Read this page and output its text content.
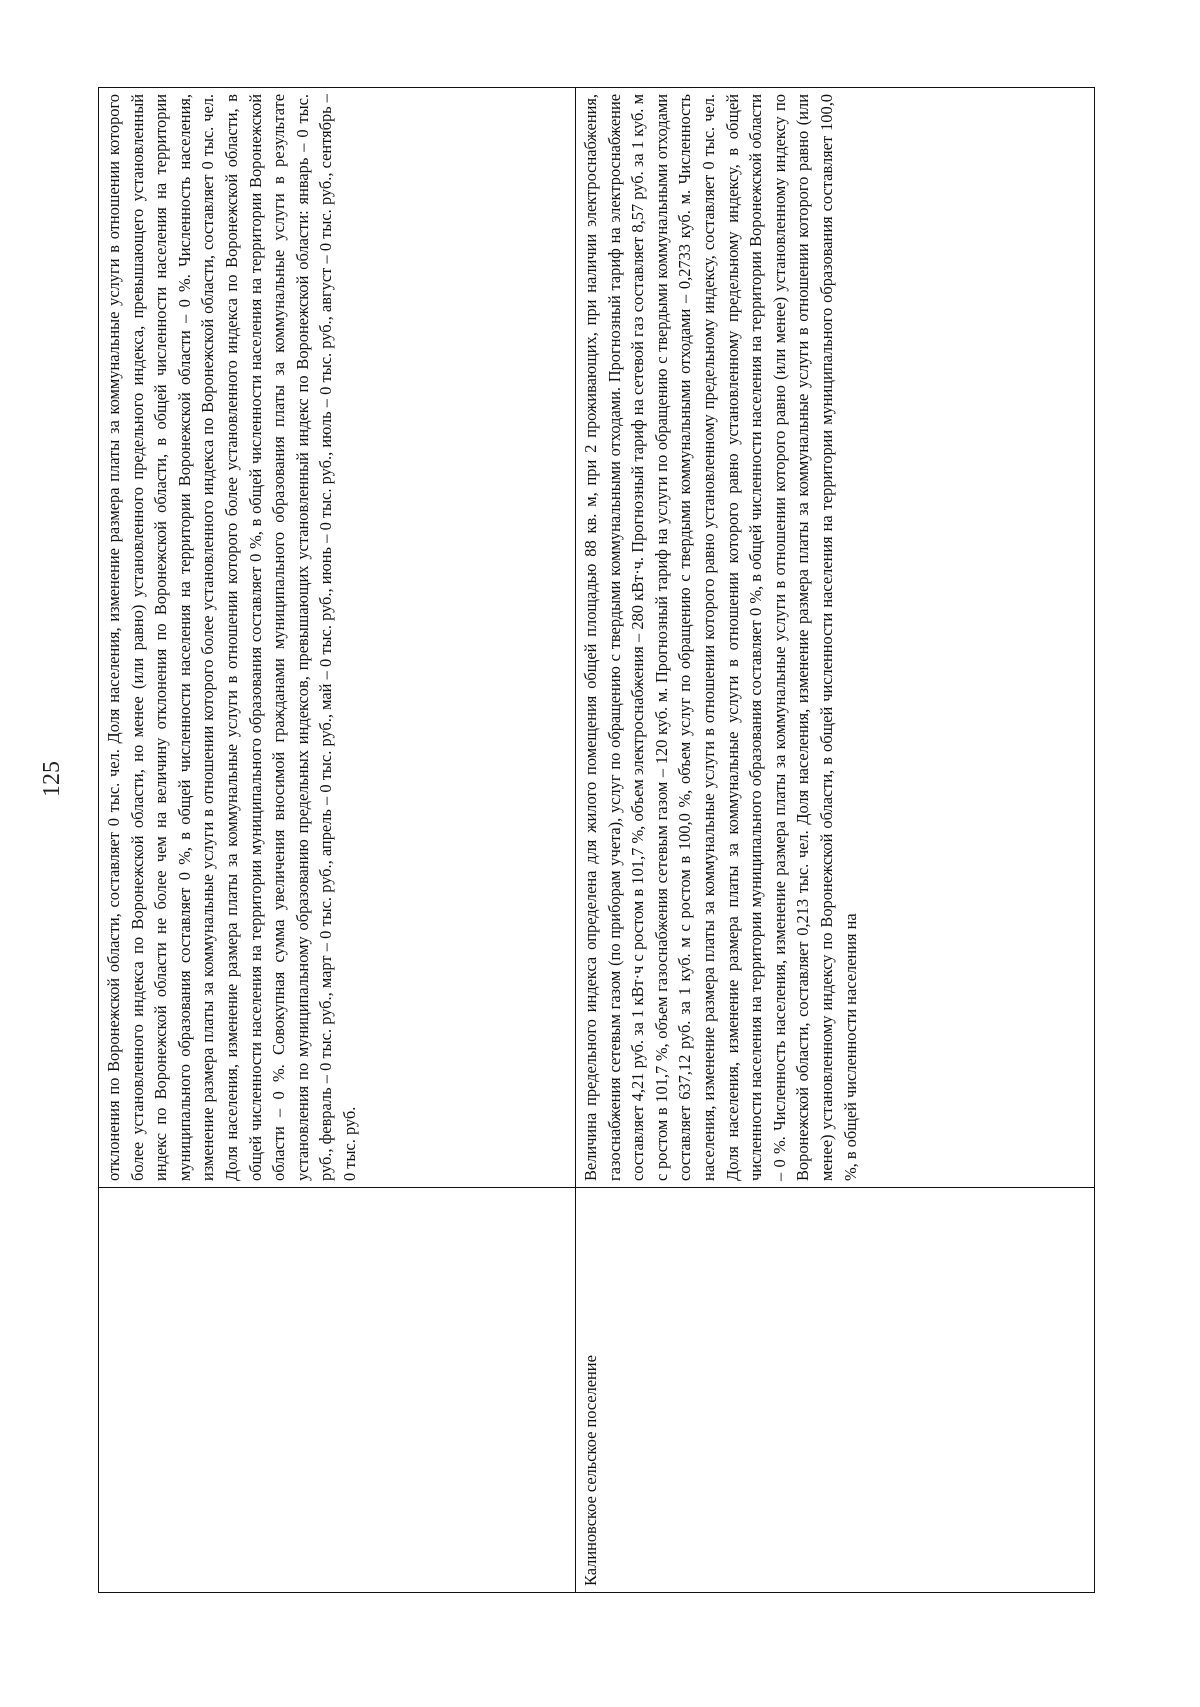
125
	отклонения по Воронежской области, составляет 0 тыс. чел. Доля населения, изменение размера платы за коммунальные услуги в отношении которого более установленного индекса по Воронежской области, но менее (или равно) установленного предельного индекса, превышающего установленный индекс по Воронежской области не более чем на величину отклонения по Воронежской области, в общей численности населения на территории муниципального образования составляет 0 %, в общей численности населения на территории Воронежской области – 0 %. Численность населения, изменение размера платы за коммунальные услуги в отношении которого более установленного индекса по Воронежской области, составляет 0 тыс. чел. Доля населения, изменение размера платы за коммунальные услуги в отношении которого более установленного индекса по Воронежской области, в общей численности населения на территории муниципального образования составляет 0 %, в общей численности населения на территории Воронежской области – 0 %. Совокупная сумма увеличения вносимой гражданами муниципального образования платы за коммунальные услуги в результате установления по муниципальному образованию предельных индексов, превышающих установленный индекс по Воронежской области: январь – 0 тыс. руб., февраль – 0 тыс. руб., март – 0 тыс. руб., апрель – 0 тыс. руб., май – 0 тыс. руб., июнь – 0 тыс. руб., июль – 0 тыс. руб., август – 0 тыс. руб., сентябрь – 0 тыс. руб.
Калиновское сельское поселение	Величина предельного индекса определена для жилого помещения общей площадью 88 кв. м, при 2 проживающих, при наличии электроснабжения, газоснабжения сетевым газом (по приборам учета), услуг по обращению с твердыми коммунальными отходами. Прогнозный тариф на электроснабжение составляет 4,21 руб. за 1 кВт·ч с ростом в 101,7 %, объем электроснабжения – 280 кВт·ч. Прогнозный тариф на сетевой газ составляет 8,57 руб. за 1 куб. м с ростом в 101,7 %, объем газоснабжения сетевым газом – 120 куб. м. Прогнозный тариф на услуги по обращению с твердыми коммунальными отходами составляет 637,12 руб. за 1 куб. м с ростом в 100,0 %, объем услуг по обращению с твердыми коммунальными отходами – 0,2733 куб. м. Численность населения, изменение размера платы за коммунальные услуги в отношении которого равно установленному предельному индексу, составляет 0 тыс. чел. Доля населения, изменение размера платы за коммунальные услуги в отношении которого равно установленному предельному индексу, в общей численности населения на территории муниципального образования составляет 0 %, в общей численности населения на территории Воронежской области – 0 %. Численность населения, изменение размера платы за коммунальные услуги в отношении которого равно (или менее) установленному индексу по Воронежской области, составляет 0,213 тыс. чел. Доля населения, изменение размера платы за коммунальные услуги в отношении которого равно (или менее) установленному индексу по Воронежской области, в общей численности населения на территории муниципального образования составляет 100,0 %, в общей численности населения на
